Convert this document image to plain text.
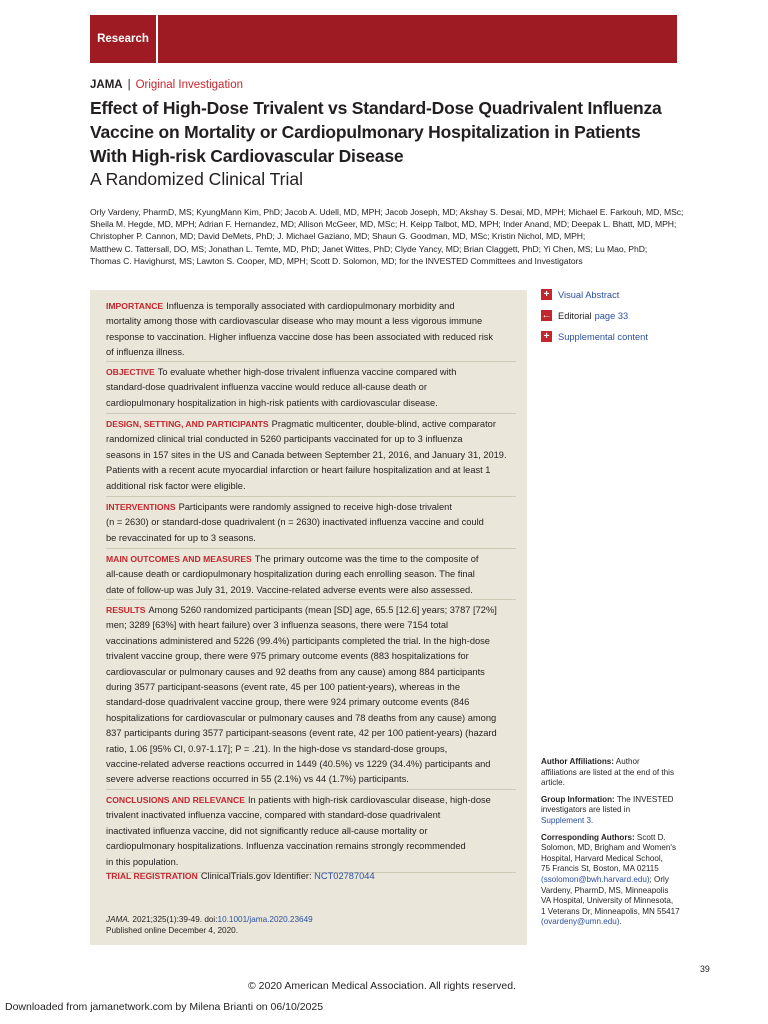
Research
JAMA | Original Investigation
Effect of High-Dose Trivalent vs Standard-Dose Quadrivalent Influenza
Vaccine on Mortality or Cardiopulmonary Hospitalization in Patients
With High-risk Cardiovascular Disease
A Randomized Clinical Trial

Orly Vardeny, PharmD, MS; KyungMann Kim, PhD; Jacob A. Udell, MD, MPH; Jacob Joseph, MD; Akshay S. Desai, MD, MPH; Michael E. Farkouh, MD, MSc;
Sheila M. Hegde, MD, MPH; Adrian F. Hernandez, MD; Allison McGeer, MD, MSc; H. Keipp Talbot, MD, MPH; Inder Anand, MD; Deepak L. Bhatt, MD, MPH;
Christopher P. Cannon, MD; David DeMets, PhD; J. Michael Gaziano, MD; Shaun G. Goodman, MD, MSc; Kristin Nichol, MD, MPH;
Matthew C. Tattersall, DO, MS; Jonathan L. Temte, MD, PhD; Janet Wittes, PhD; Clyde Yancy, MD; Brian Claggett, PhD; Yi Chen, MS; Lu Mao, PhD;
Thomas C. Havighurst, MS; Lawton S. Cooper, MD, MPH; Scott D. Solomon, MD; for the INVESTED Committees and Investigators

IMPORTANCE Influenza is temporally associated with cardiopulmonary morbidity and
mortality among those with cardiovascular disease who may mount a less vigorous immune
response to vaccination. Higher influenza vaccine dose has been associated with reduced risk
of influenza illness.

OBJECTIVE To evaluate whether high-dose trivalent influenza vaccine compared with
standard-dose quadrivalent influenza vaccine would reduce all-cause death or
cardiopulmonary hospitalization in high-risk patients with cardiovascular disease.

DESIGN, SETTING, AND PARTICIPANTS Pragmatic multicenter, double-blind, active comparator
randomized clinical trial conducted in 5260 participants vaccinated for up to 3 influenza
seasons in 157 sites in the US and Canada between September 21, 2016, and January 31, 2019.
Patients with a recent acute myocardial infarction or heart failure hospitalization and at least 1
additional risk factor were eligible.

INTERVENTIONS Participants were randomly assigned to receive high-dose trivalent
(n = 2630) or standard-dose quadrivalent (n = 2630) inactivated influenza vaccine and could
be revaccinated for up to 3 seasons.

MAIN OUTCOMES AND MEASURES The primary outcome was the time to the composite of
all-cause death or cardiopulmonary hospitalization during each enrolling season. The final
date of follow-up was July 31, 2019. Vaccine-related adverse events were also assessed.

RESULTS Among 5260 randomized participants (mean [SD] age, 65.5 [12.6] years; 3787 [72%]
men; 3289 [63%] with heart failure) over 3 influenza seasons, there were 7154 total
vaccinations administered and 5226 (99.4%) participants completed the trial. In the high-dose
trivalent vaccine group, there were 975 primary outcome events (883 hospitalizations for
cardiovascular or pulmonary causes and 92 deaths from any cause) among 884 participants
during 3577 participant-seasons (event rate, 45 per 100 patient-years), whereas in the
standard-dose quadrivalent vaccine group, there were 924 primary outcome events (846
hospitalizations for cardiovascular or pulmonary causes and 78 deaths from any cause) among
837 participants during 3577 participant-seasons (event rate, 42 per 100 patient-years) (hazard
ratio, 1.06 [95% CI, 0.97-1.17]; P = .21). In the high-dose vs standard-dose groups,
vaccine-related adverse reactions occurred in 1449 (40.5%) vs 1229 (34.4%) participants and
severe adverse reactions occurred in 55 (2.1%) vs 44 (1.7%) participants.

CONCLUSIONS AND RELEVANCE In patients with high-risk cardiovascular disease, high-dose
trivalent inactivated influenza vaccine, compared with standard-dose quadrivalent
inactivated influenza vaccine, did not significantly reduce all-cause mortality or
cardiopulmonary hospitalizations. Influenza vaccination remains strongly recommended
in this population.

TRIAL REGISTRATION ClinicalTrials.gov Identifier: NCT02787044

JAMA. 2021;325(1):39-49. doi:10.1001/jama.2020.23649
Published online December 4, 2020.

+ Visual Abstract
← Editorial page 33
+ Supplemental content

Author Affiliations: Author
affiliations are listed at the end of this
article.

Group Information: The INVESTED
investigators are listed in
Supplement 3.

Corresponding Authors: Scott D.
Solomon, MD, Brigham and Women's
Hospital, Harvard Medical School,
75 Francis St, Boston, MA 02115
(ssolomon@bwh.harvard.edu); Orly
Vardeny, PharmD, MS, Minneapolis
VA Hospital, University of Minnesota,
1 Veterans Dr, Minneapolis, MN 55417
(ovardeny@umn.edu).

39
© 2020 American Medical Association. All rights reserved.
Downloaded from jamanetwork.com by Milena Brianti on 06/10/2025
